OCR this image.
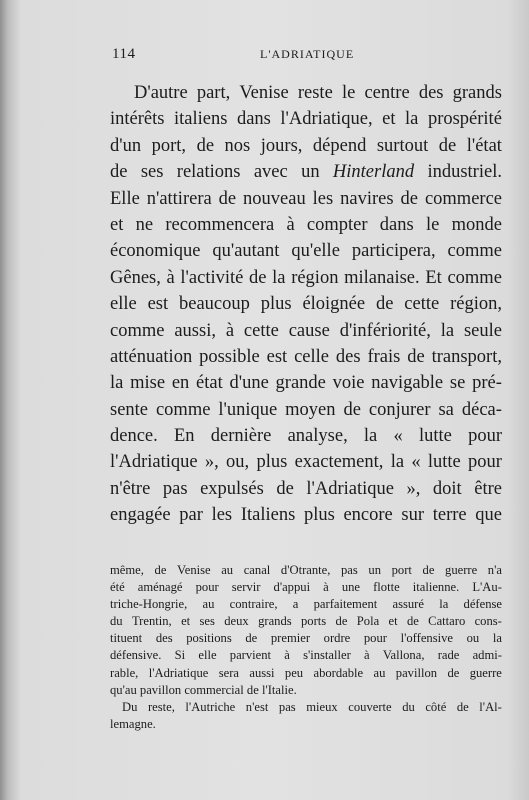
114	L'ADRIATIQUE
D'autre part, Venise reste le centre des grands
intérêts italiens dans l'Adriatique, et la prospérité
d'un port, de nos jours, dépend surtout de l'état
de ses relations avec un Hinterland industriel.
Elle n'attirera de nouveau les navires de commerce
et ne recommencera à compter dans le monde
économique qu'autant qu'elle participera, comme
Gênes, à l'activité de la région milanaise. Et comme
elle est beaucoup plus éloignée de cette région,
comme aussi, à cette cause d'infériorité, la seule
atténuation possible est celle des frais de transport,
la mise en état d'une grande voie navigable se pré-
sente comme l'unique moyen de conjurer sa déca-
dence. En dernière analyse, la « lutte pour
l'Adriatique », ou, plus exactement, la « lutte pour
n'être pas expulsés de l'Adriatique », doit être
engagée par les Italiens plus encore sur terre que
même, de Venise au canal d'Otrante, pas un port de guerre n'a
été aménagé pour servir d'appui à une flotte italienne. L'Au-
triche-Hongrie, au contraire, a parfaitement assuré la défense
du Trentin, et ses deux grands ports de Pola et de Cattaro cons-
tituent des positions de premier ordre pour l'offensive ou la
défensive. Si elle parvient à s'installer à Vallona, rade admi-
rable, l'Adriatique sera aussi peu abordable au pavillon de guerre
qu'au pavillon commercial de l'Italie.
Du reste, l'Autriche n'est pas mieux couverte du côté de l'Al-
lemagne.
